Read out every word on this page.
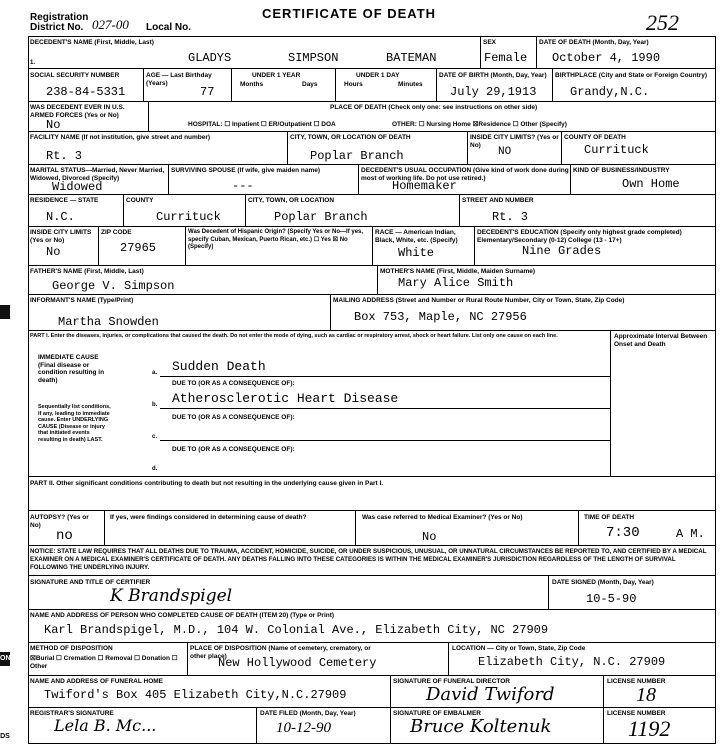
Registration
District No. 027-00 Local No.
CERTIFICATE OF DEATH	252
DECEDENT'S NAME (First, Middle, Last)
1.	GLADYS	SIMPSON	BATEMAN
SEX
Female
DATE OF DEATH (Month, Day, Year)
October 4, 1990
SOCIAL SECURITY NUMBER
238-84-5331
AGE — Last Birthday (Years)
77
UNDER 1 YEAR
Months	Days
UNDER 1 DAY
Hours	Minutes
DATE OF BIRTH (Month, Day, Year)
July 29,1913
BIRTHPLACE (City and State or Foreign Country)
Grandy,N.C.
WAS DECEDENT EVER IN U.S. ARMED FORCES (Yes or No)
No
PLACE OF DEATH (Check only one: see instructions on other side)
HOSPITAL: ☐ Inpatient ☐ ER/Outpatient ☐ DOA	OTHER: ☐ Nursing Home ☒Residence ☐ Other (Specify)
FACILITY NAME (If not institution, give street and number)
Rt. 3
CITY, TOWN, OR LOCATION OF DEATH
Poplar Branch
INSIDE CITY LIMITS? (Yes or No)
NO
COUNTY OF DEATH
Currituck
MARITAL STATUS—Married, Never Married, Widowed, Divorced (Specify)
Widowed
SURVIVING SPOUSE (If wife, give maiden name)
---
DECEDENT'S USUAL OCCUPATION (Give kind of work done during most of working life. Do not use retired.)
Homemaker
KIND OF BUSINESS/INDUSTRY
Own Home
RESIDENCE — STATE
N.C.
COUNTY
Currituck
CITY, TOWN, OR LOCATION
Poplar Branch
STREET AND NUMBER
Rt. 3
INSIDE CITY LIMITS (Yes or No)
No
ZIP CODE
27965
Was Decedent of Hispanic Origin? (Specify Yes or No—If yes, specify Cuban, Mexican, Puerto Rican, etc.) ☐ Yes ☒ No (Specify)
RACE — American Indian, Black, White, etc. (Specify)
White
DECEDENT'S EDUCATION (Specify only highest grade completed) Elementary/Secondary (0-12) College (13 - 17+)
Nine Grades
FATHER'S NAME (First, Middle, Last)
George V. Simpson
MOTHER'S NAME (First, Middle, Maiden Surname)
Mary Alice Smith
INFORMANT'S NAME (Type/Print)
Martha Snowden
MAILING ADDRESS (Street and Number or Rural Route Number, City or Town, State, Zip Code)
Box 753, Maple, NC 27956
PART I. Enter the diseases, injuries, or complications that caused the death. Do not enter the mode of dying, such as cardiac or respiratory arrest, shock or heart failure. List only one cause on each line.	Approximate Interval Between Onset and Death
IMMEDIATE CAUSE (Final disease or condition resulting in death)
Sequentially list conditions, if any, leading to immediate cause. Enter UNDERLYING CAUSE (Disease or injury that initiated events resulting in death) LAST.
a. Sudden Death
DUE TO (OR AS A CONSEQUENCE OF):
b. Atherosclerotic Heart Disease
DUE TO (OR AS A CONSEQUENCE OF):
c.
DUE TO (OR AS A CONSEQUENCE OF):
d.
PART II. Other significant conditions contributing to death but not resulting in the underlying cause given in Part I.
AUTOPSY? (Yes or No)
no
If yes, were findings considered in determining cause of death?	Was case referred to Medical Examiner? (Yes or No)
No
TIME OF DEATH
7:30	A M.
NOTICE: STATE LAW REQUIRES THAT ALL DEATHS DUE TO TRAUMA, ACCIDENT, HOMICIDE, SUICIDE, OR UNDER SUSPICIOUS, UNUSUAL, OR UNNATURAL CIRCUMSTANCES BE REPORTED TO, AND CERTIFIED BY A MEDICAL EXAMINER ON A MEDICAL EXAMINER'S CERTIFICATE OF DEATH. ANY DEATHS FALLING INTO THESE CATEGORIES IS WITHIN THE MEDICAL EXAMINER'S JURISDICTION REGARDLESS OF THE LENGTH OF SURVIVAL FOLLOWING THE UNDERLYING INJURY.
SIGNATURE AND TITLE OF CERTIFIER
K Brandspigel
DATE SIGNED (Month, Day, Year)
10-5-90
NAME AND ADDRESS OF PERSON WHO COMPLETED CAUSE OF DEATH (ITEM 20) (Type or Print)
Karl Brandspigel, M.D., 104 W. Colonial Ave., Elizabeth City, NC 27909
METHOD OF DISPOSITION
☒Burial ☐ Cremation ☐ Removal ☐ Donation ☐ Other
PLACE OF DISPOSITION (Name of cemetery, crematory, or other place)
New Hollywood Cemetery
LOCATION — City or Town, State, Zip Code
Elizabeth City, N.C. 27909
NAME AND ADDRESS OF FUNERAL HOME
Twiford's Box 405 Elizabeth City,N.C.27909
SIGNATURE OF FUNERAL DIRECTOR
David Twiford
LICENSE NUMBER
18
REGISTRAR'S SIGNATURE
Lela B. Mc...
DATE FILED (Month, Day, Year)
10-12-90
SIGNATURE OF EMBALMER
Bruce Koltenuk
LICENSE NUMBER
1192
ON
DS
